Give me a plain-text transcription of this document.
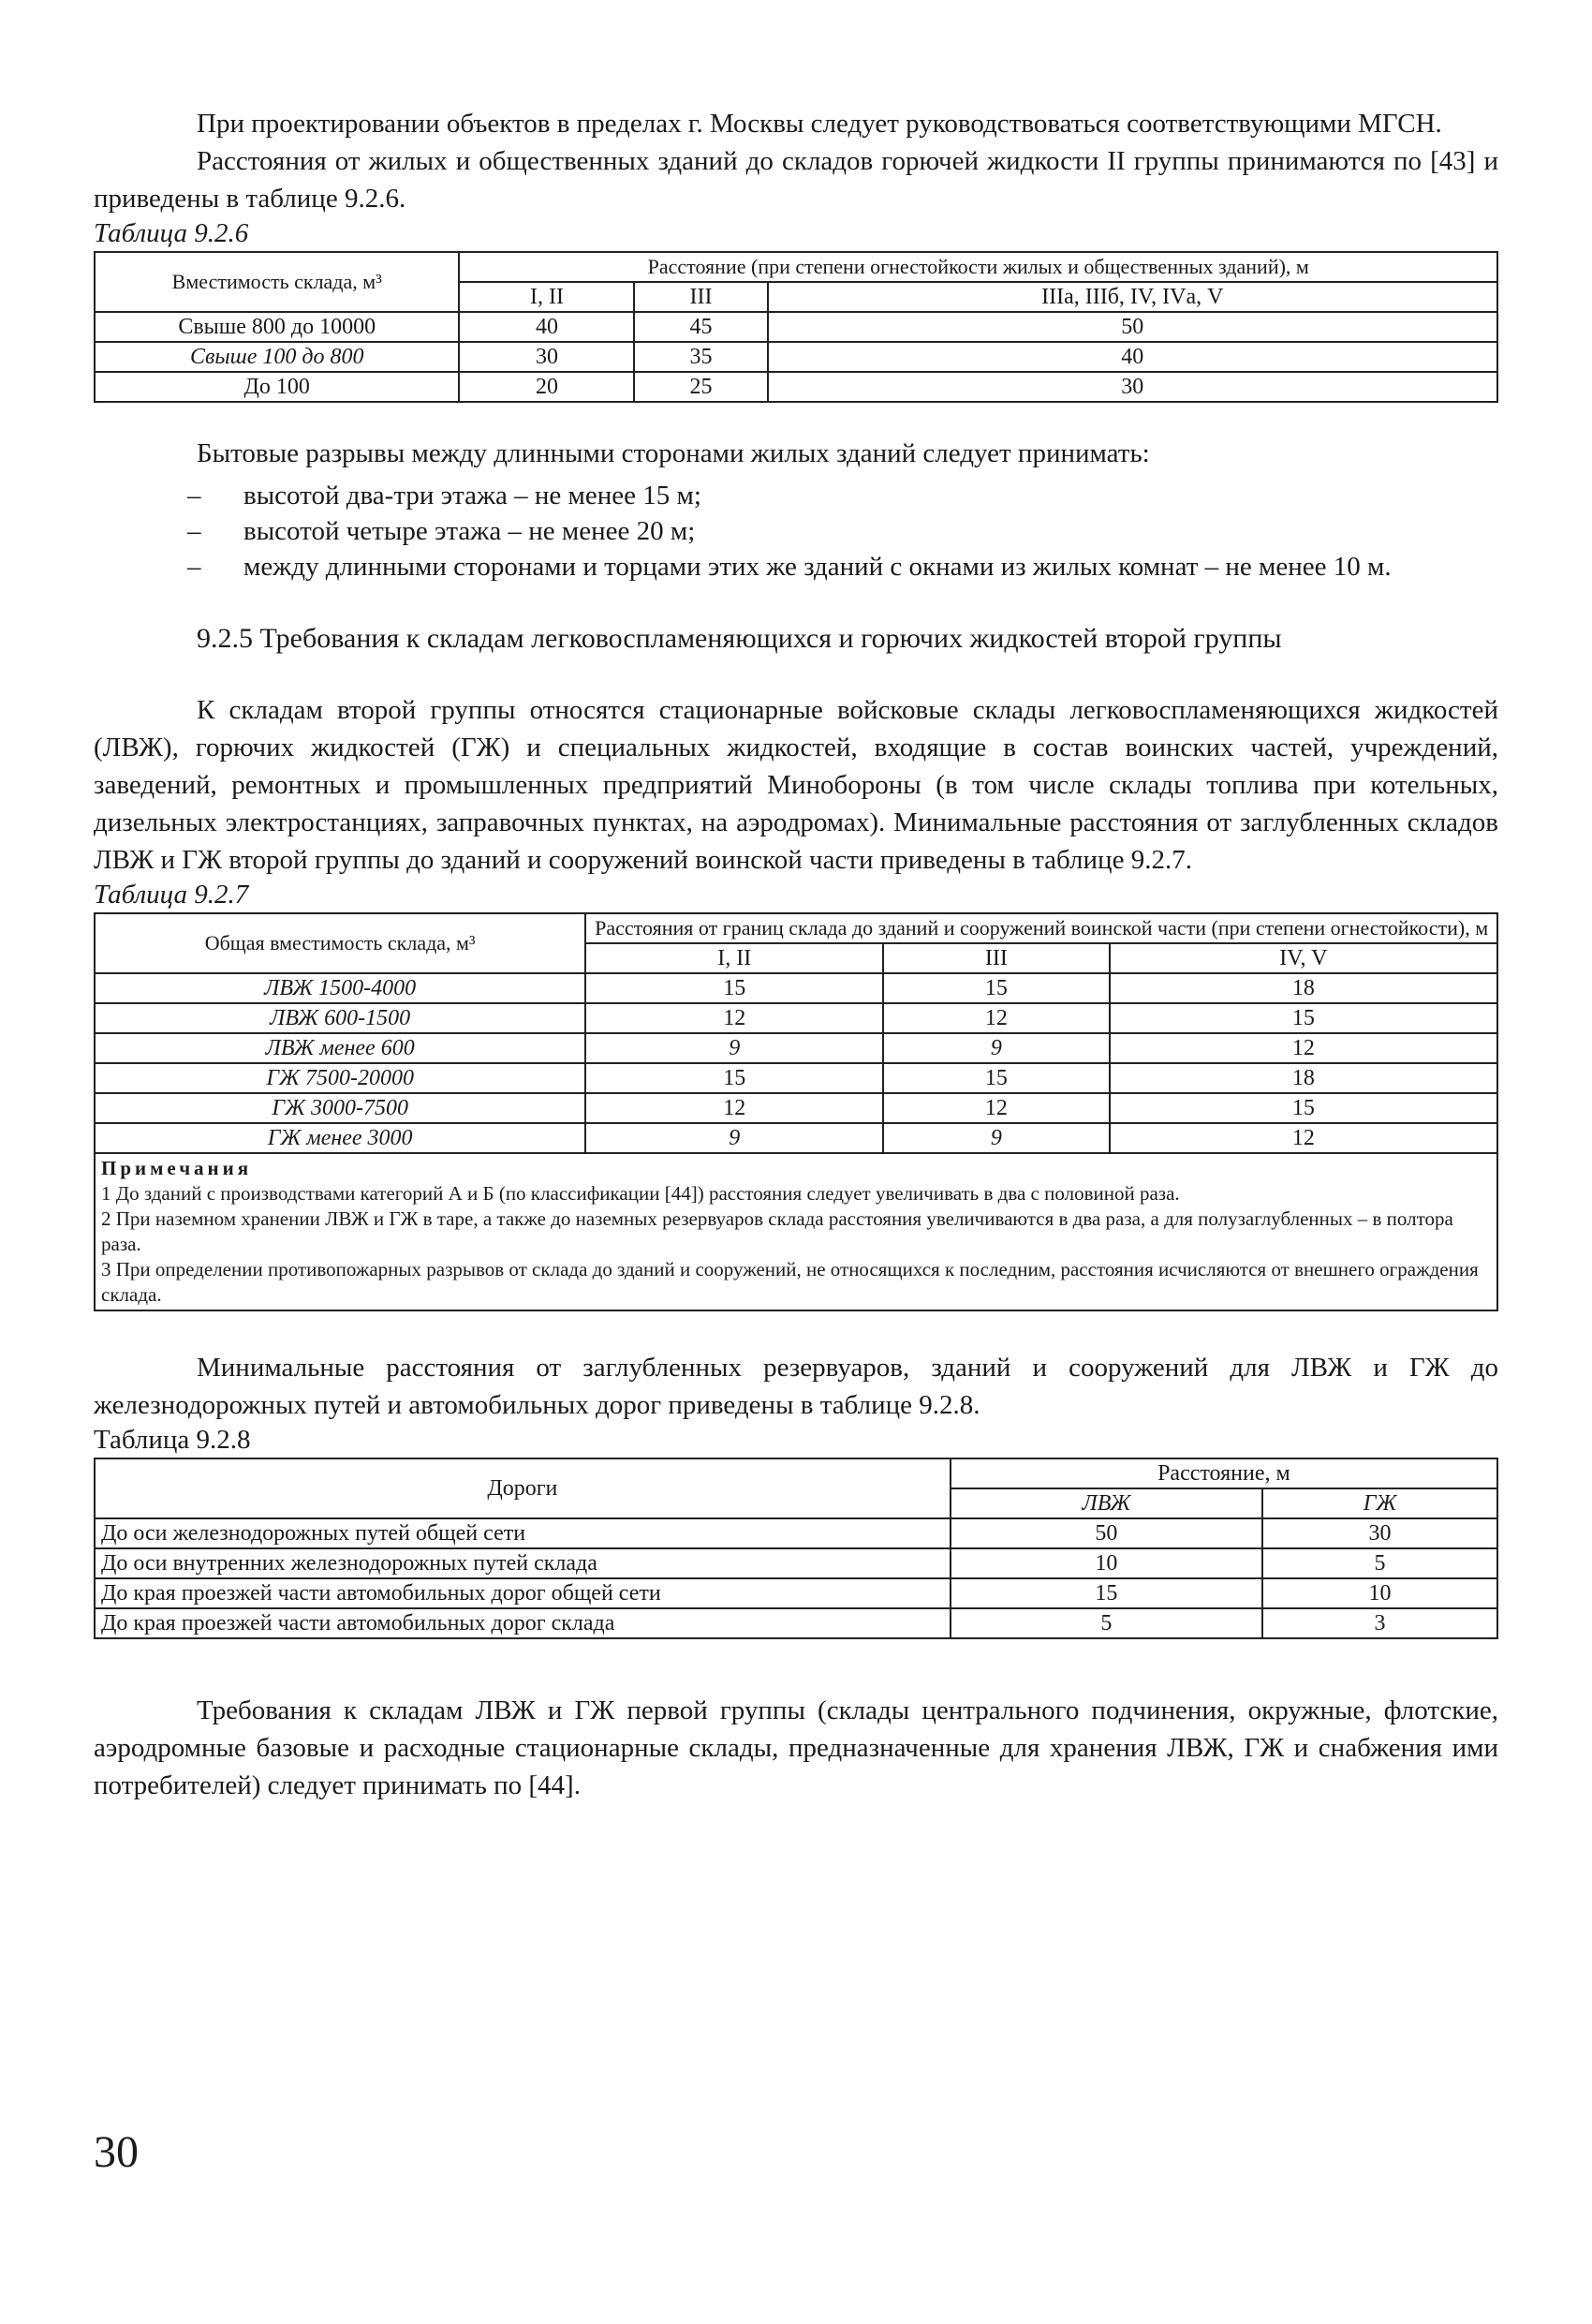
При проектировании объектов в пределах г. Москвы следует руководствоваться соответствующими МГСН.

Расстояния от жилых и общественных зданий до складов горючей жидкости II группы принимаются по [43] и приведены в таблице 9.2.6.

Таблица 9.2.6
Вместимость склада, м³	Расстояние (при степени огнестойкости жилых и общественных зданий), м		
	I, II	III	IIIа, IIIб, IV, IVа, V
Свыше 800 до 10000	40	45	50
Свыше 100 до 800	30	35	40
До 100	20	25	30

Бытовые разрывы между длинными сторонами жилых зданий следует принимать:

– высотой два-три этажа – не менее 15 м;
– высотой четыре этажа – не менее 20 м;
– между длинными сторонами и торцами этих же зданий с окнами из жилых комнат – не менее 10 м.

9.2.5 Требования к складам легковоспламеняющихся и горючих жидкостей второй группы

К складам второй группы относятся стационарные войсковые склады легковоспламеняющихся жидкостей (ЛВЖ), горючих жидкостей (ГЖ) и специальных жидкостей, входящие в состав воинских частей, учреждений, заведений, ремонтных и промышленных предприятий Минобороны (в том числе склады топлива при котельных, дизельных электростанциях, заправочных пунктах, на аэродромах). Минимальные расстояния от заглубленных складов ЛВЖ и ГЖ второй группы до зданий и сооружений воинской части приведены в таблице 9.2.7.

Таблица 9.2.7
Общая вместимость склада, м³	Расстояния от границ склада до зданий и сооружений воинской части (при степени огнестойкости), м		
	I, II	III	IV, V
ЛВЖ 1500-4000	15	15	18
ЛВЖ 600-1500	12	12	15
ЛВЖ менее 600	9	9	12
ГЖ 7500-20000	15	15	18
ГЖ 3000-7500	12	12	15
ГЖ менее 3000	9	9	12

Примечания
1 До зданий с производствами категорий А и Б (по классификации [44]) расстояния следует увеличивать в два с половиной раза.
2 При наземном хранении ЛВЖ и ГЖ в таре, а также до наземных резервуаров склада расстояния увеличиваются в два раза, а для полузаглубленных – в полтора раза.
3 При определении противопожарных разрывов от склада до зданий и сооружений, не относящихся к последним, расстояния исчисляются от внешнего ограждения склада.			

Минимальные расстояния от заглубленных резервуаров, зданий и сооружений для ЛВЖ и ГЖ до железнодорожных путей и автомобильных дорог приведены в таблице 9.2.8.

Таблица 9.2.8
Дороги	Расстояние, м	
	ЛВЖ	ГЖ
До оси железнодорожных путей общей сети	50	30
До оси внутренних железнодорожных путей склада	10	5
До края проезжей части автомобильных дорог общей сети	15	10
До края проезжей части автомобильных дорог склада	5	3

Требования к складам ЛВЖ и ГЖ первой группы (склады центрального подчинения, окружные, флотские, аэродромные базовые и расходные стационарные склады, предназначенные для хранения ЛВЖ, ГЖ и снабжения ими потребителей) следует принимать по [44].

30
